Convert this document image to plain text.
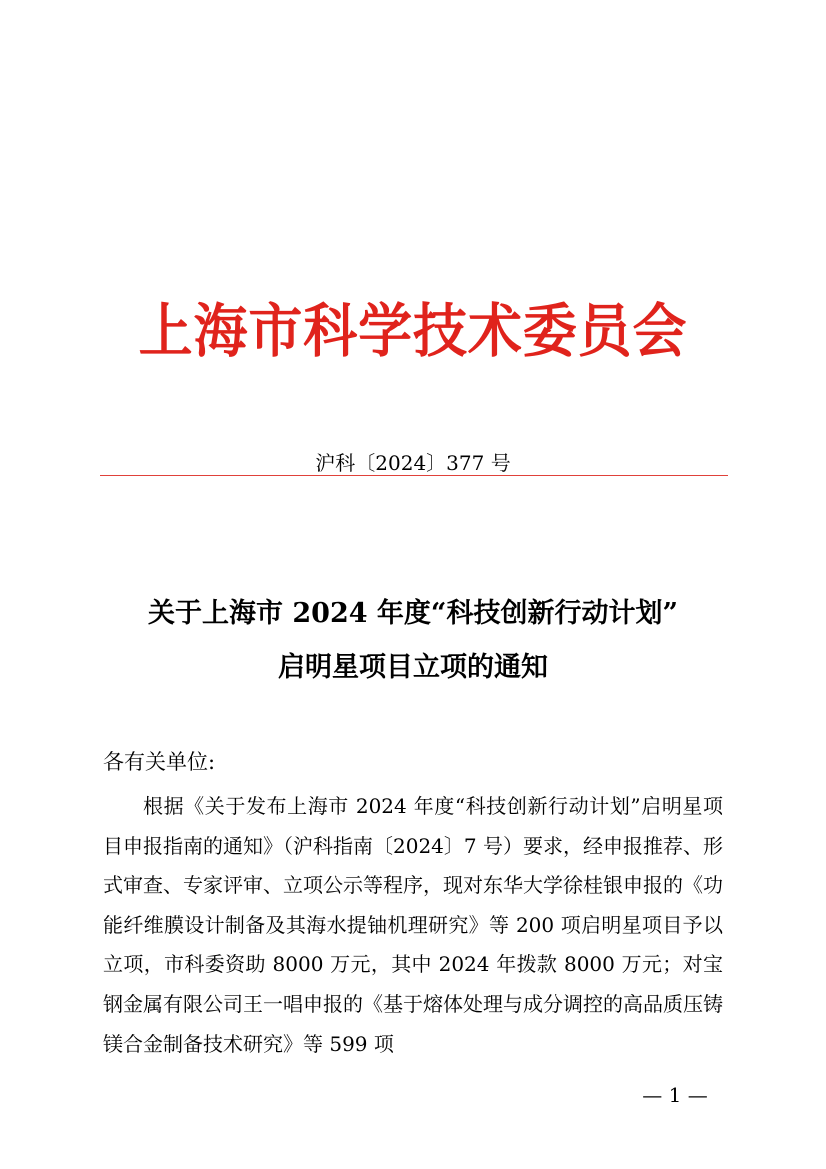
上海市科学技术委员会
沪科〔2024〕377 号
关于上海市 2024 年度“科技创新行动计划”
启明星项目立项的通知
各有关单位:

根据《关于发布上海市 2024 年度“科技创新行动计划”启明星项目申报指南的通知》（沪科指南〔2024〕7 号）要求，经申报推荐、形式审查、专家评审、立项公示等程序，现对东华大学徐桂银申报的《功能纤维膜设计制备及其海水提铀机理研究》等 200 项启明星项目予以立项，市科委资助 8000 万元，其中 2024 年拨款 8000 万元；对宝钢金属有限公司王一唱申报的《基于熔体处理与成分调控的高品质压铸镁合金制备技术研究》等 599 项

— 1 —
